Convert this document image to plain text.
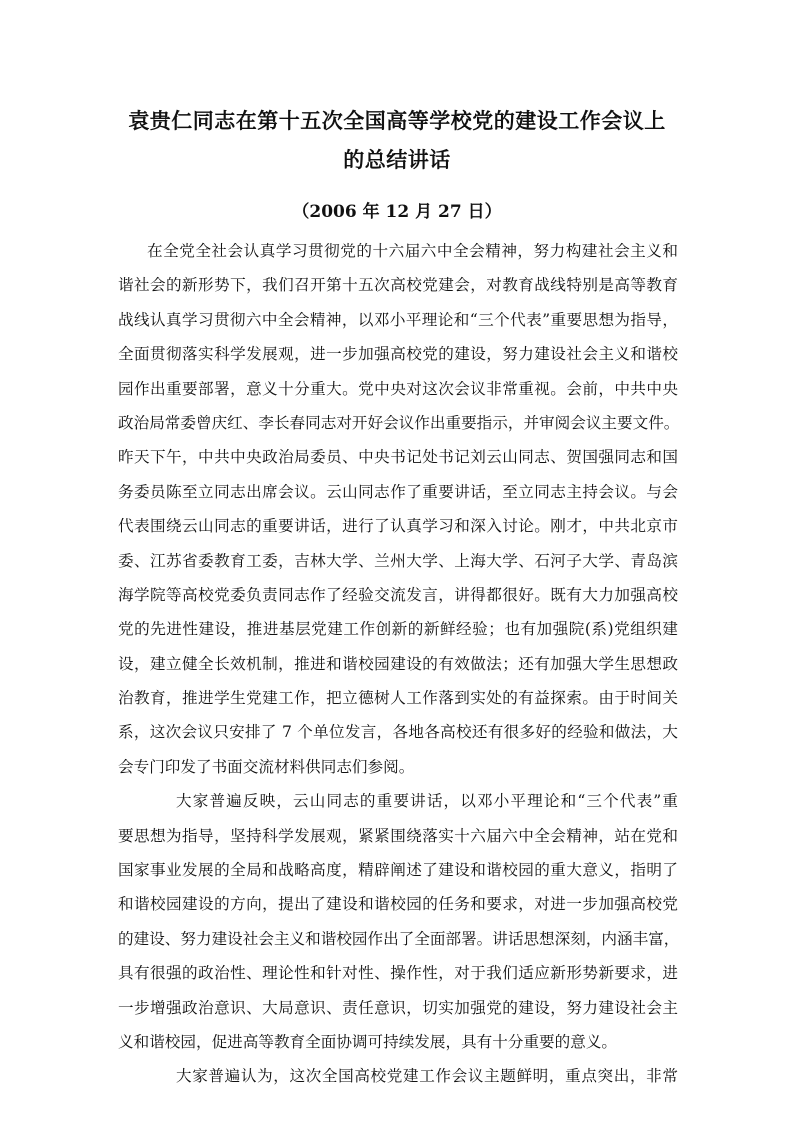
袁贵仁同志在第十五次全国高等学校党的建设工作会议上
的总结讲话
（2006 年 12 月 27 日）
在全党全社会认真学习贯彻党的十六届六中全会精神，努力构建社会主义和
谐社会的新形势下，我们召开第十五次高校党建会，对教育战线特别是高等教育
战线认真学习贯彻六中全会精神，以邓小平理论和“三个代表”重要思想为指导，
全面贯彻落实科学发展观，进一步加强高校党的建设，努力建设社会主义和谐校
园作出重要部署，意义十分重大。党中央对这次会议非常重视。会前，中共中央
政治局常委曾庆红、李长春同志对开好会议作出重要指示，并审阅会议主要文件。
昨天下午，中共中央政治局委员、中央书记处书记刘云山同志、贺国强同志和国
务委员陈至立同志出席会议。云山同志作了重要讲话，至立同志主持会议。与会
代表围绕云山同志的重要讲话，进行了认真学习和深入讨论。刚才，中共北京市
委、江苏省委教育工委，吉林大学、兰州大学、上海大学、石河子大学、青岛滨
海学院等高校党委负责同志作了经验交流发言，讲得都很好。既有大力加强高校
党的先进性建设，推进基层党建工作创新的新鲜经验；也有加强院(系)党组织建
设，建立健全长效机制，推进和谐校园建设的有效做法；还有加强大学生思想政
治教育，推进学生党建工作，把立德树人工作落到实处的有益探索。由于时间关
系，这次会议只安排了 7 个单位发言，各地各高校还有很多好的经验和做法，大
会专门印发了书面交流材料供同志们参阅。
大家普遍反映，云山同志的重要讲话，以邓小平理论和“三个代表”重
要思想为指导，坚持科学发展观，紧紧围绕落实十六届六中全会精神，站在党和
国家事业发展的全局和战略高度，精辟阐述了建设和谐校园的重大意义，指明了
和谐校园建设的方向，提出了建设和谐校园的任务和要求，对进一步加强高校党
的建设、努力建设社会主义和谐校园作出了全面部署。讲话思想深刻，内涵丰富，
具有很强的政治性、理论性和针对性、操作性，对于我们适应新形势新要求，进
一步增强政治意识、大局意识、责任意识，切实加强党的建设，努力建设社会主
义和谐校园，促进高等教育全面协调可持续发展，具有十分重要的意义。
大家普遍认为，这次全国高校党建工作会议主题鲜明，重点突出，非常
